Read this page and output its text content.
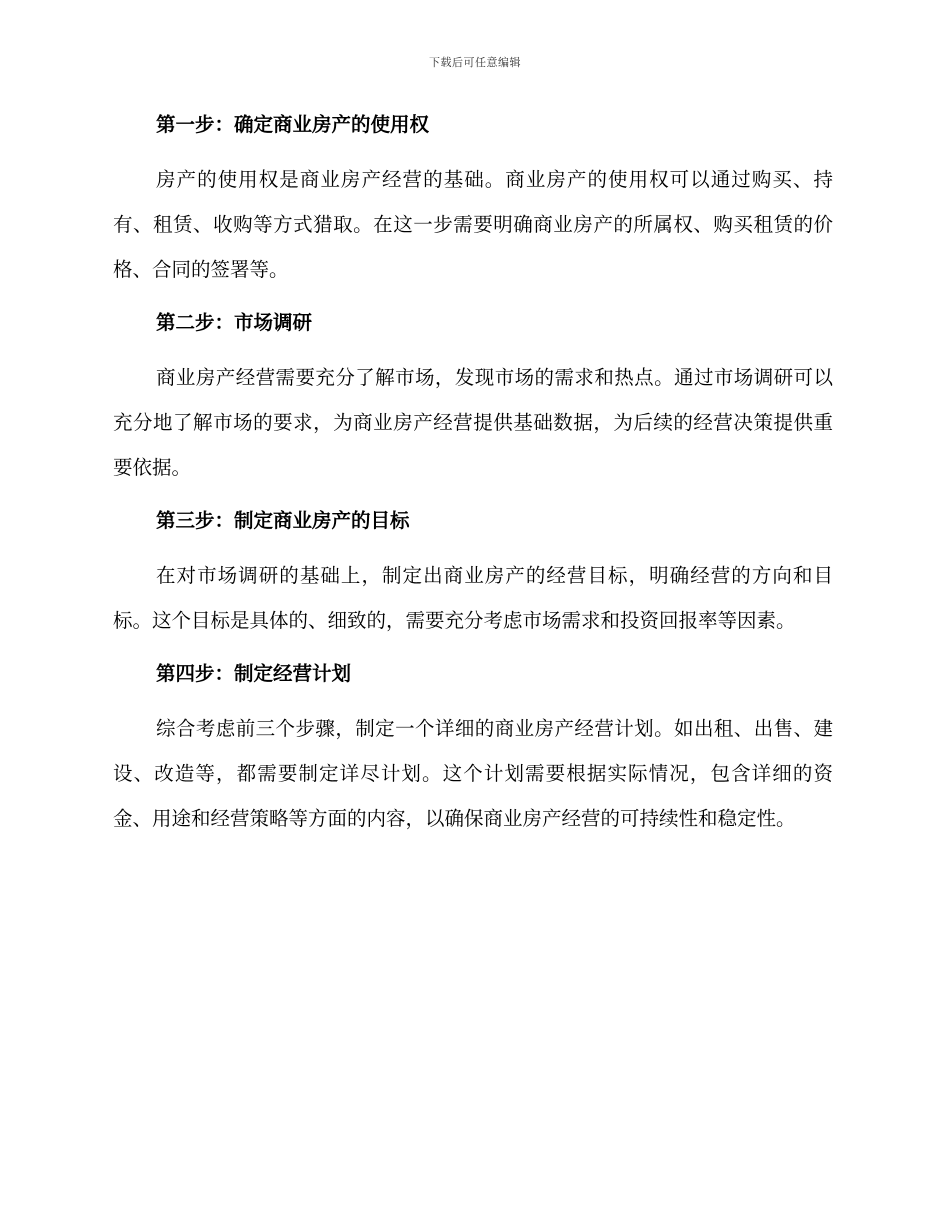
下载后可任意编辑

第一步：确定商业房产的使用权

房产的使用权是商业房产经营的基础。商业房产的使用权可以通过购买、持有、租赁、收购等方式猎取。在这一步需要明确商业房产的所属权、购买租赁的价格、合同的签署等。

第二步：市场调研

商业房产经营需要充分了解市场，发现市场的需求和热点。通过市场调研可以充分地了解市场的要求，为商业房产经营提供基础数据，为后续的经营决策提供重要依据。

第三步：制定商业房产的目标

在对市场调研的基础上，制定出商业房产的经营目标，明确经营的方向和目标。这个目标是具体的、细致的，需要充分考虑市场需求和投资回报率等因素。

第四步：制定经营计划

综合考虑前三个步骤，制定一个详细的商业房产经营计划。如出租、出售、建设、改造等，都需要制定详尽计划。这个计划需要根据实际情况，包含详细的资金、用途和经营策略等方面的内容，以确保商业房产经营的可持续性和稳定性。
